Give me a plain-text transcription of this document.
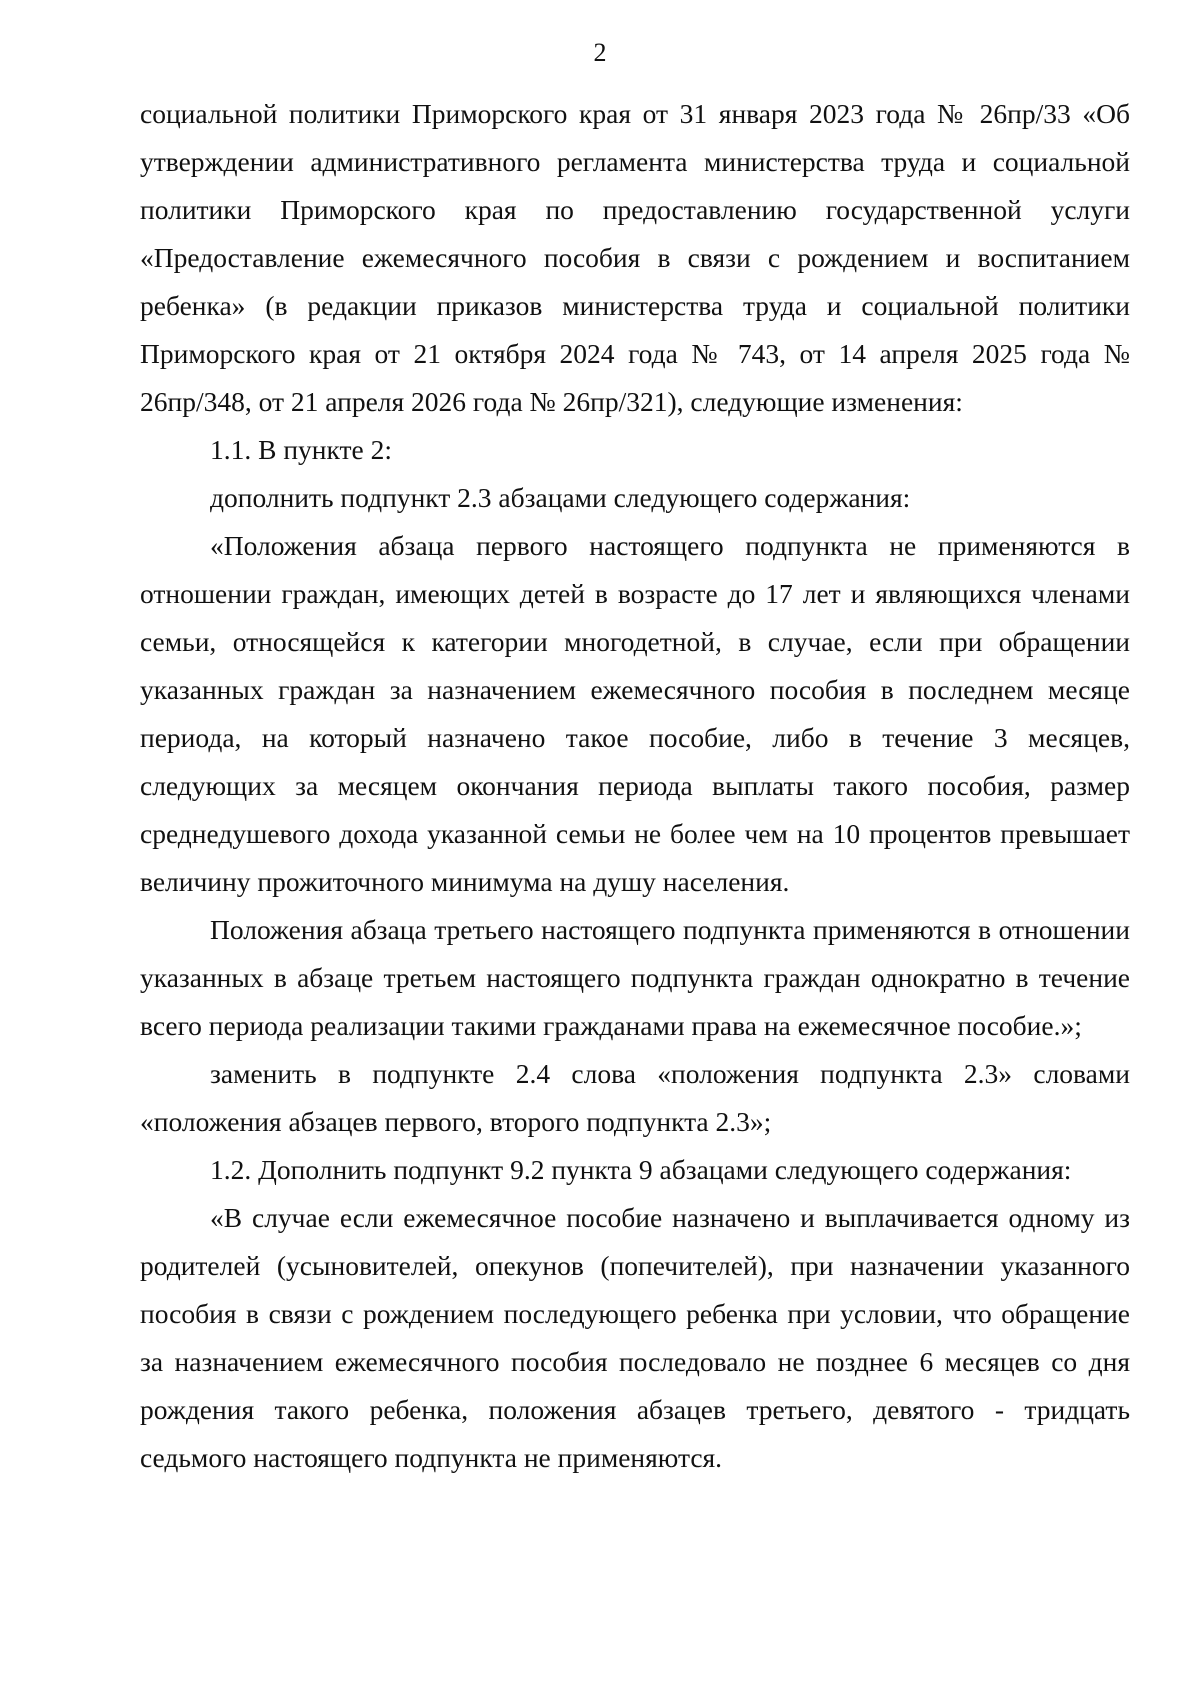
2

социальной политики Приморского края от 31 января 2023 года № 26пр/33 «Об утверждении административного регламента министерства труда и социальной политики Приморского края по предоставлению государственной услуги «Предоставление ежемесячного пособия в связи с рождением и воспитанием ребенка» (в редакции приказов министерства труда и социальной политики Приморского края от 21 октября 2024 года № 743, от 14 апреля 2025 года № 26пр/348, от 21 апреля 2026 года № 26пр/321), следующие изменения:

1.1. В пункте 2:

дополнить подпункт 2.3 абзацами следующего содержания:

«Положения абзаца первого настоящего подпункта не применяются в отношении граждан, имеющих детей в возрасте до 17 лет и являющихся членами семьи, относящейся к категории многодетной, в случае, если при обращении указанных граждан за назначением ежемесячного пособия в последнем месяце периода, на который назначено такое пособие, либо в течение 3 месяцев, следующих за месяцем окончания периода выплаты такого пособия, размер среднедушевого дохода указанной семьи не более чем на 10 процентов превышает величину прожиточного минимума на душу населения.

Положения абзаца третьего настоящего подпункта применяются в отношении указанных в абзаце третьем настоящего подпункта граждан однократно в течение всего периода реализации такими гражданами права на ежемесячное пособие.»;

заменить в подпункте 2.4 слова «положения подпункта 2.3» словами «положения абзацев первого, второго подпункта 2.3»;

1.2. Дополнить подпункт 9.2 пункта 9 абзацами следующего содержания:

«В случае если ежемесячное пособие назначено и выплачивается одному из родителей (усыновителей, опекунов (попечителей), при назначении указанного пособия в связи с рождением последующего ребенка при условии, что обращение за назначением ежемесячного пособия последовало не позднее 6 месяцев со дня рождения такого ребенка, положения абзацев третьего, девятого - тридцать седьмого настоящего подпункта не применяются.
